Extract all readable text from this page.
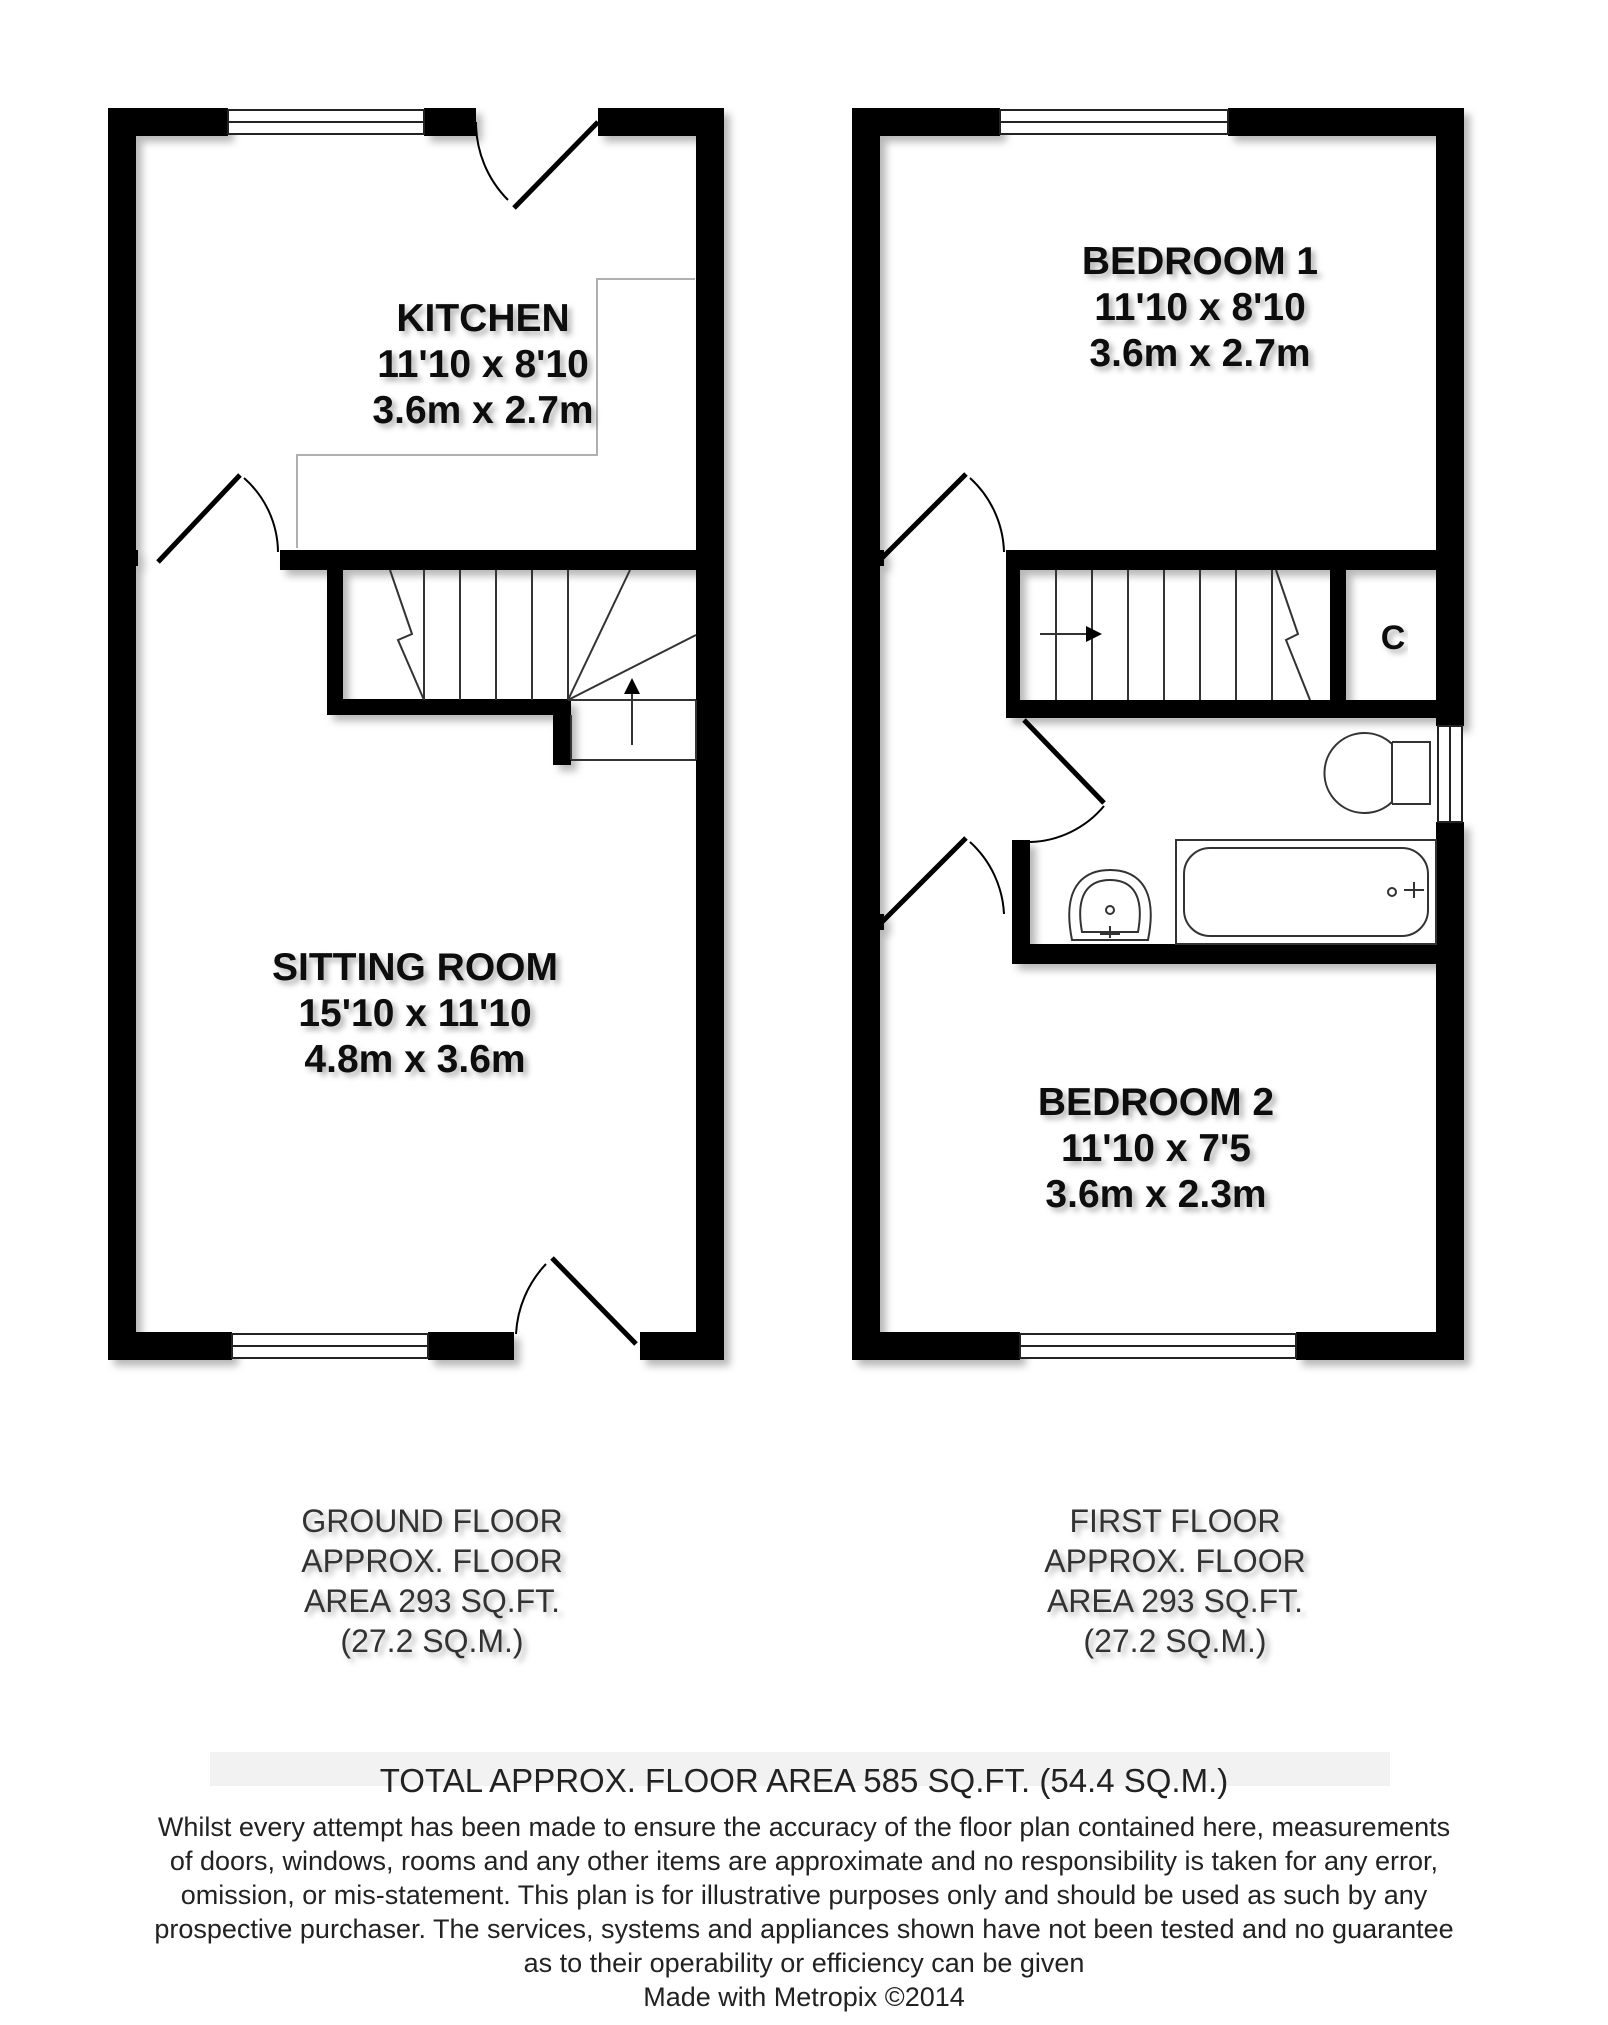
KITCHEN
11'10 x 8'10
3.6m x 2.7m
SITTING ROOM
15'10 x 11'10
4.8m x 3.6m
C
BEDROOM 1
11'10 x 8'10
3.6m x 2.7m
BEDROOM 2
11'10 x 7'5
3.6m x 2.3m
GROUND FLOOR
APPROX. FLOOR
AREA 293 SQ.FT.
(27.2 SQ.M.)
FIRST FLOOR
APPROX. FLOOR
AREA 293 SQ.FT.
(27.2 SQ.M.)
TOTAL APPROX. FLOOR AREA 585 SQ.FT. (54.4 SQ.M.)
Whilst every attempt has been made to ensure the accuracy of the floor plan contained here, measurements
of doors, windows, rooms and any other items are approximate and no responsibility is taken for any error,
omission, or mis-statement. This plan is for illustrative purposes only and should be used as such by any
prospective purchaser. The services, systems and appliances shown have not been tested and no guarantee
as to their operability or efficiency can be given
Made with Metropix ©2014
